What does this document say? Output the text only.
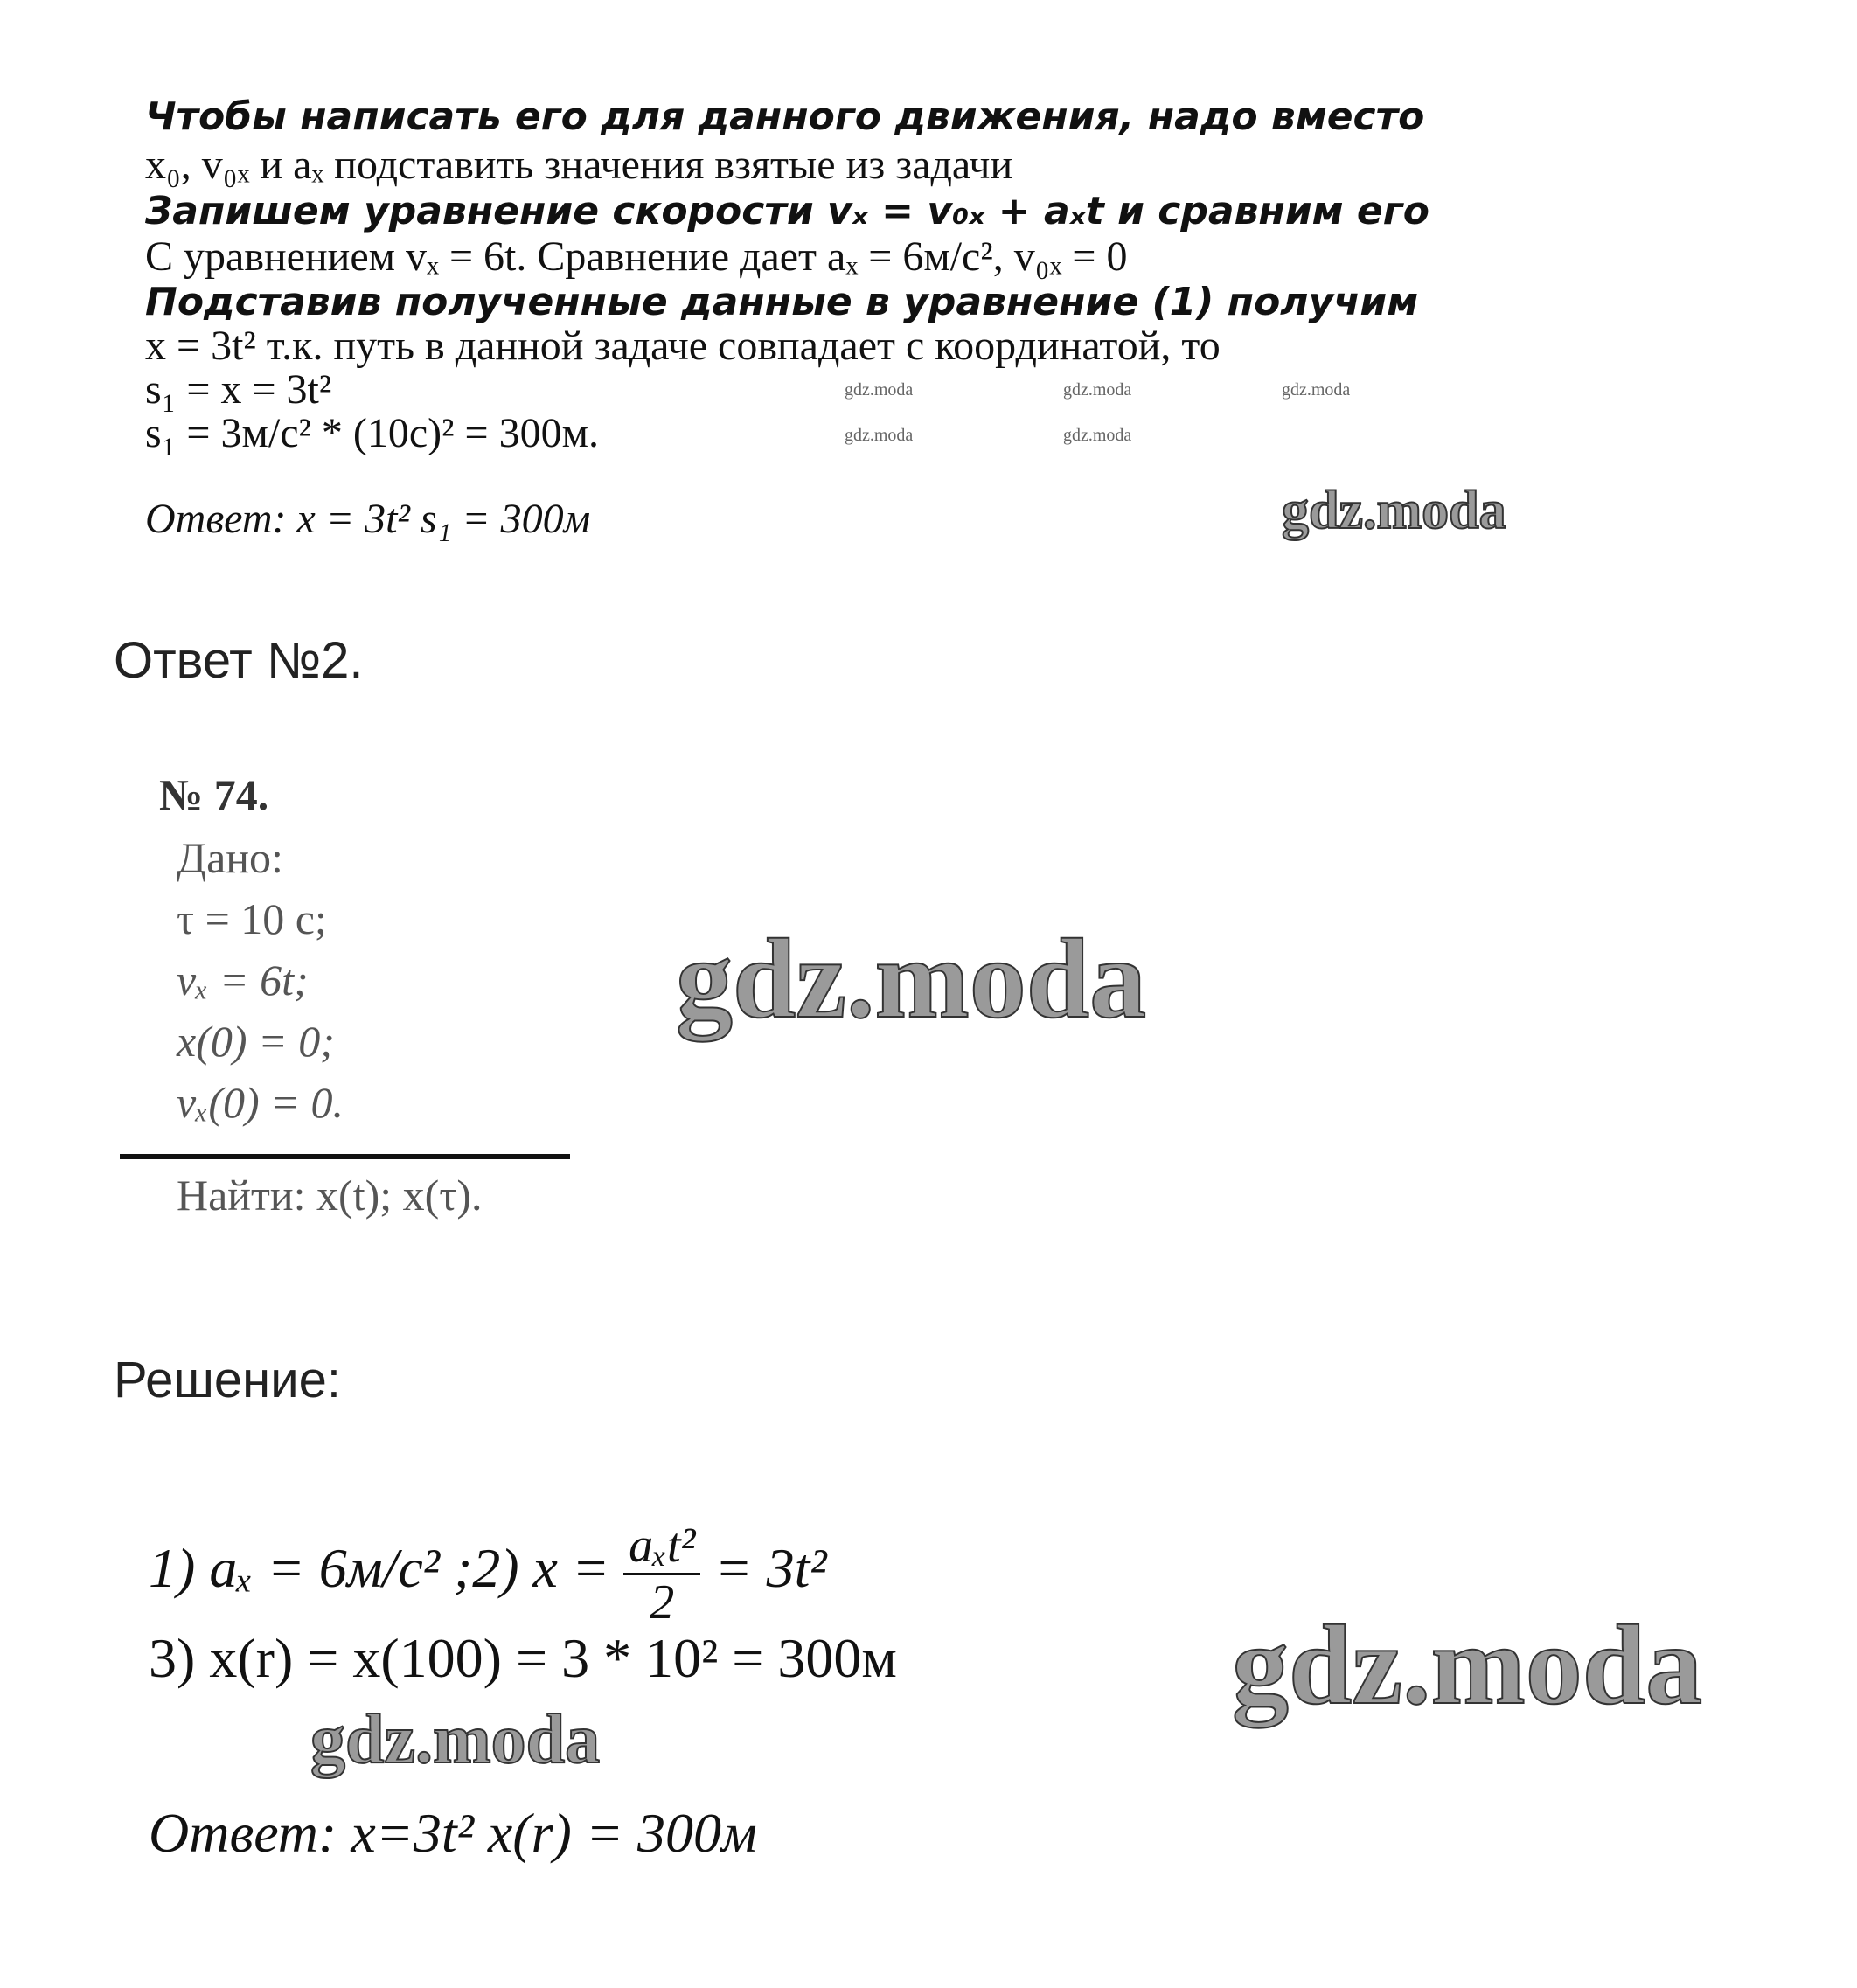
Чтобы написать его для данного движения, надо вместо
x₀, v₀ₓ и aₓ подставить значения взятые из задачи
Запишем уравнение скорости vₓ = v₀ₓ + aₓt и сравним его
С уравнением vₓ = 6t. Сравнение дает aₓ = 6м/с², v₀ₓ = 0
Подставив полученные данные в уравнение (1) получим
x = 3t² т.к. путь в данной задаче совпадает с координатой, то
s₁ = x = 3t²
s₁ = 3м/с² * (10с)² = 300м.
Ответ: x = 3t² s₁ = 300м	gdz.moda
gdz.moda	gdz.moda	gdz.moda
gdz.moda	gdz.moda
Ответ №2.
№ 74.
Дано:
τ = 10 с;
vₓ = 6t;
x(0) = 0;
vₓ(0) = 0.
Найти: x(t); x(τ).
gdz.moda
Решение:
1) aₓ = 6м/c² ;2) $x = \frac{\text{aₓt²}}{2} = 3t^2$
3) x(r) = x(100) = 3 * 10² = 300м
Ответ: x=3t² x(r) = 300м
gdz.moda
gdz.moda
